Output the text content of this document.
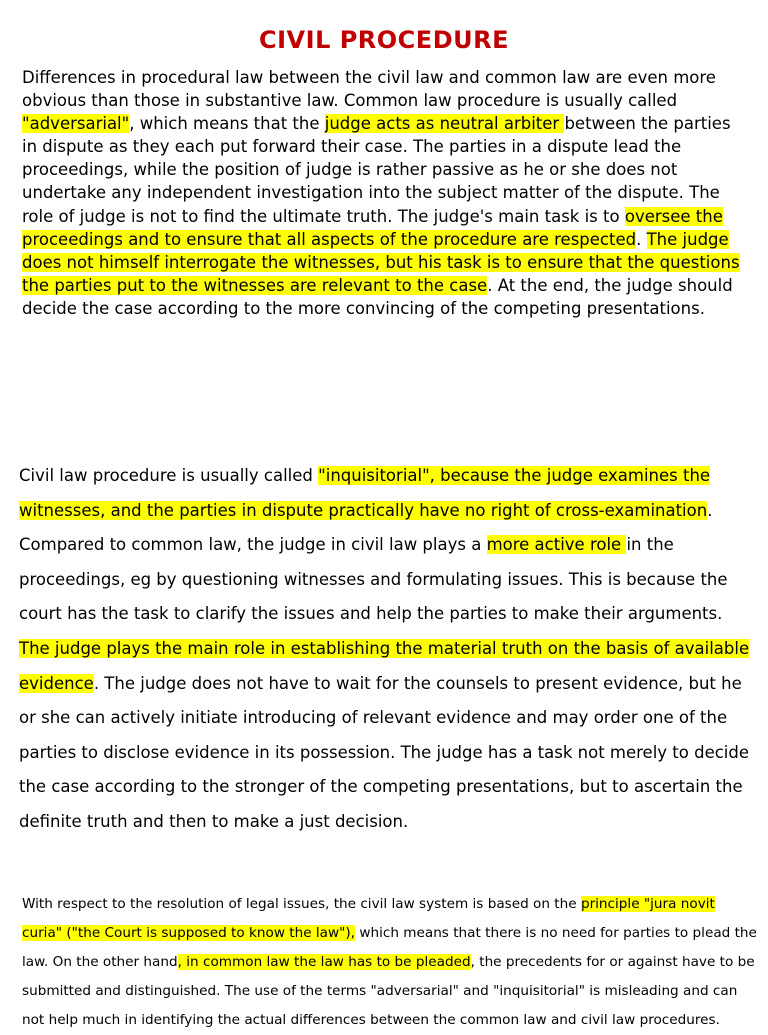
CIVIL PROCEDURE

Differences in procedural law between the civil law and common law are even more obvious than those in substantive law. Common law procedure is usually called "adversarial", which means that the judge acts as neutral arbiter between the parties in dispute as they each put forward their case. The parties in a dispute lead the proceedings, while the position of judge is rather passive as he or she does not undertake any independent investigation into the subject matter of the dispute. The role of judge is not to find the ultimate truth. The judge's main task is to oversee the proceedings and to ensure that all aspects of the procedure are respected. The judge does not himself interrogate the witnesses, but his task is to ensure that the questions the parties put to the witnesses are relevant to the case. At the end, the judge should decide the case according to the more convincing of the competing presentations.

Civil law procedure is usually called "inquisitorial", because the judge examines the witnesses, and the parties in dispute practically have no right of cross-examination. Compared to common law, the judge in civil law plays a more active role in the proceedings, eg by questioning witnesses and formulating issues. This is because the court has the task to clarify the issues and help the parties to make their arguments. The judge plays the main role in establishing the material truth on the basis of available evidence. The judge does not have to wait for the counsels to present evidence, but he or she can actively initiate introducing of relevant evidence and may order one of the parties to disclose evidence in its possession. The judge has a task not merely to decide the case according to the stronger of the competing presentations, but to ascertain the definite truth and then to make a just decision.

With respect to the resolution of legal issues, the civil law system is based on the principle "jura novit curia" ("the Court is supposed to know the law"), which means that there is no need for parties to plead the law. On the other hand, in common law the law has to be pleaded, the precedents for or against have to be submitted and distinguished. The use of the terms "adversarial" and "inquisitorial" is misleading and can not help much in identifying the actual differences between the common law and civil law procedures.
